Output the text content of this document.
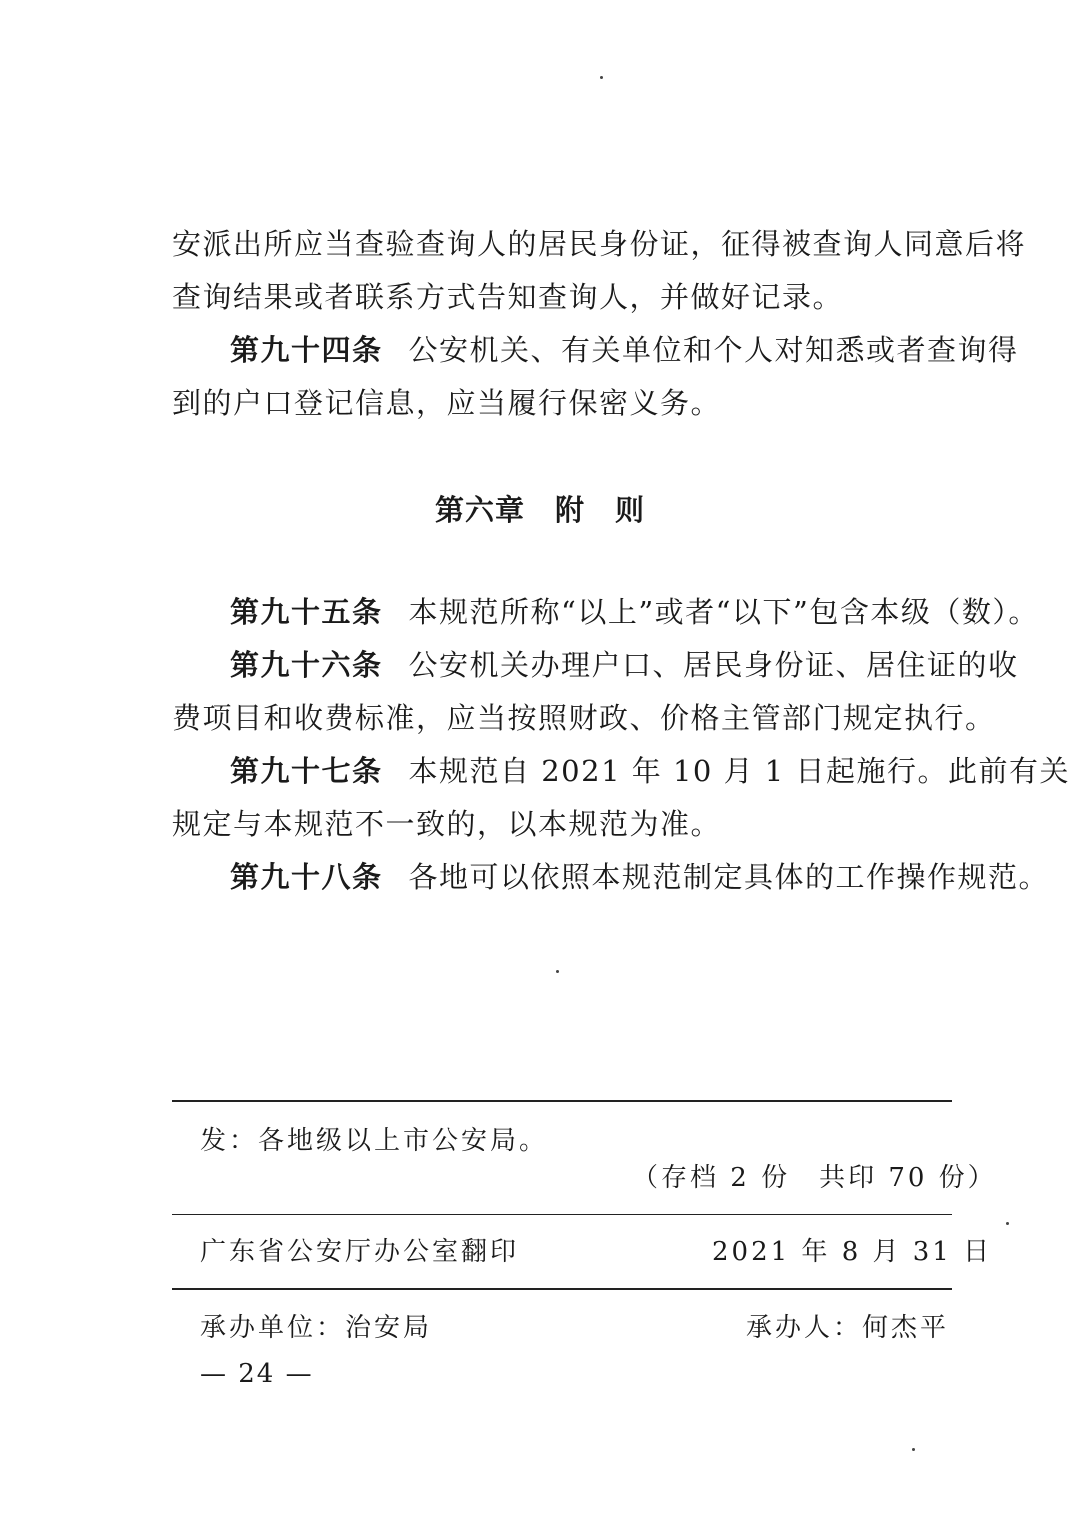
安派出所应当查验查询人的居民身份证，征得被查询人同意后将
查询结果或者联系方式告知查询人，并做好记录。
第九十四条 公安机关、有关单位和个人对知悉或者查询得
到的户口登记信息，应当履行保密义务。
第六章 附 则
第九十五条 本规范所称“以上”或者“以下”包含本级（数）。
第九十六条 公安机关办理户口、居民身份证、居住证的收
费项目和收费标准，应当按照财政、价格主管部门规定执行。
第九十七条 本规范自 2021 年 10 月 1 日起施行。此前有关
规定与本规范不一致的，以本规范为准。
第九十八条 各地可以依照本规范制定具体的工作操作规范。
发：各地级以上市公安局。
（存档 2 份　共印 70 份）
广东省公安厅办公室翻印	2021 年 8 月 31 日
承办单位：治安局	承办人：何杰平
— 24 —
